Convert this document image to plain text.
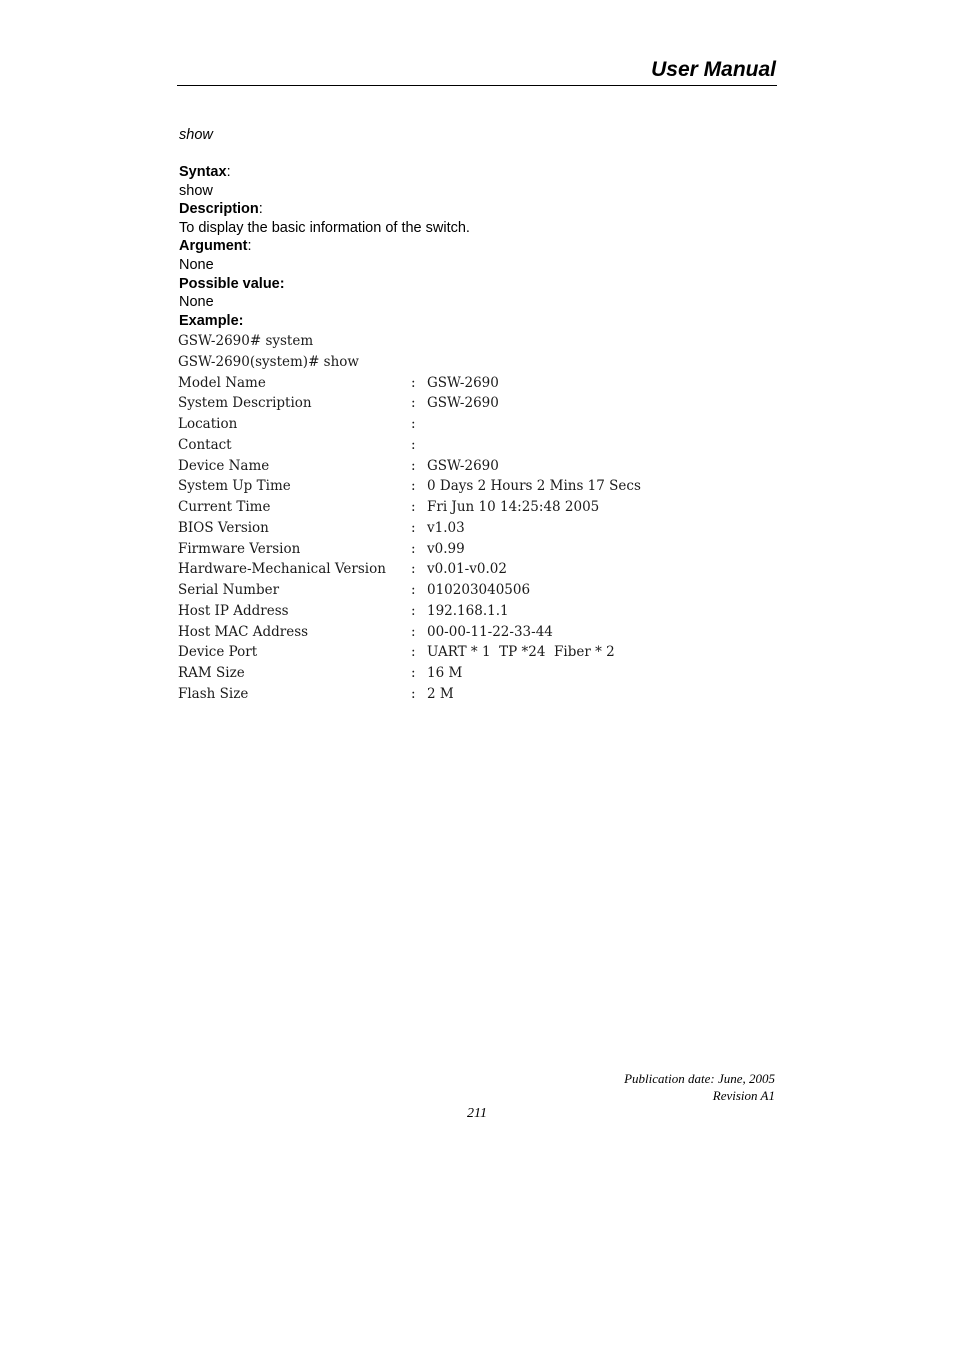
User Manual
show
Syntax:
show
Description:
To display the basic information of the switch.
Argument:
None
Possible value:
None
Example:
GSW-2690# system
GSW-2690(system)# show
Model Name	: GSW-2690
System Description	: GSW-2690
Location	:
Contact	:
Device Name	: GSW-2690
System Up Time	: 0 Days 2 Hours 2 Mins 17 Secs
Current Time	: Fri Jun 10 14:25:48 2005
BIOS Version	: v1.03
Firmware Version	: v0.99
Hardware-Mechanical Version : v0.01-v0.02
Serial Number	: 010203040506
Host IP Address	: 192.168.1.1
Host MAC Address	: 00-00-11-22-33-44
Device Port	: UART * 1  TP *24  Fiber * 2
RAM Size	: 16 M
Flash Size	: 2 M
Publication date: June, 2005
Revision A1
211
